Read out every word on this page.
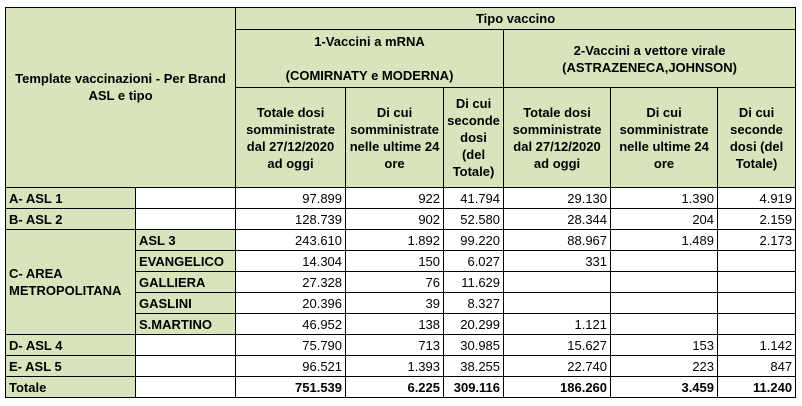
Template vaccinazioni - Per Brand ASL e tipo		Tipo vaccino					
		1-Vaccini a mRNA
(COMIRNATY e MODERNA)			2-Vaccini a vettore virale
(ASTRAZENECA,JOHNSON)		
		Totale dosi somministrate dal 27/12/2020 ad oggi	Di cui somministrate nelle ultime 24 ore	Di cui seconde dosi (del Totale)	Totale dosi somministrate dal 27/12/2020 ad oggi	Di cui somministrate nelle ultime 24 ore	Di cui seconde dosi (del Totale)
A- ASL 1		97.899	922	41.794	29.130	1.390	4.919
B- ASL 2		128.739	902	52.580	28.344	204	2.159
C- AREA METROPOLITANA	ASL 3	243.610	1.892	99.220	88.967	1.489	2.173
	EVANGELICO	14.304	150	6.027	331		
	GALLIERA	27.328	76	11.629			
	GASLINI	20.396	39	8.327			
	S.MARTINO	46.952	138	20.299	1.121		
D- ASL 4		75.790	713	30.985	15.627	153	1.142
E- ASL 5		96.521	1.393	38.255	22.740	223	847
Totale		751.539	6.225	309.116	186.260	3.459	11.240
